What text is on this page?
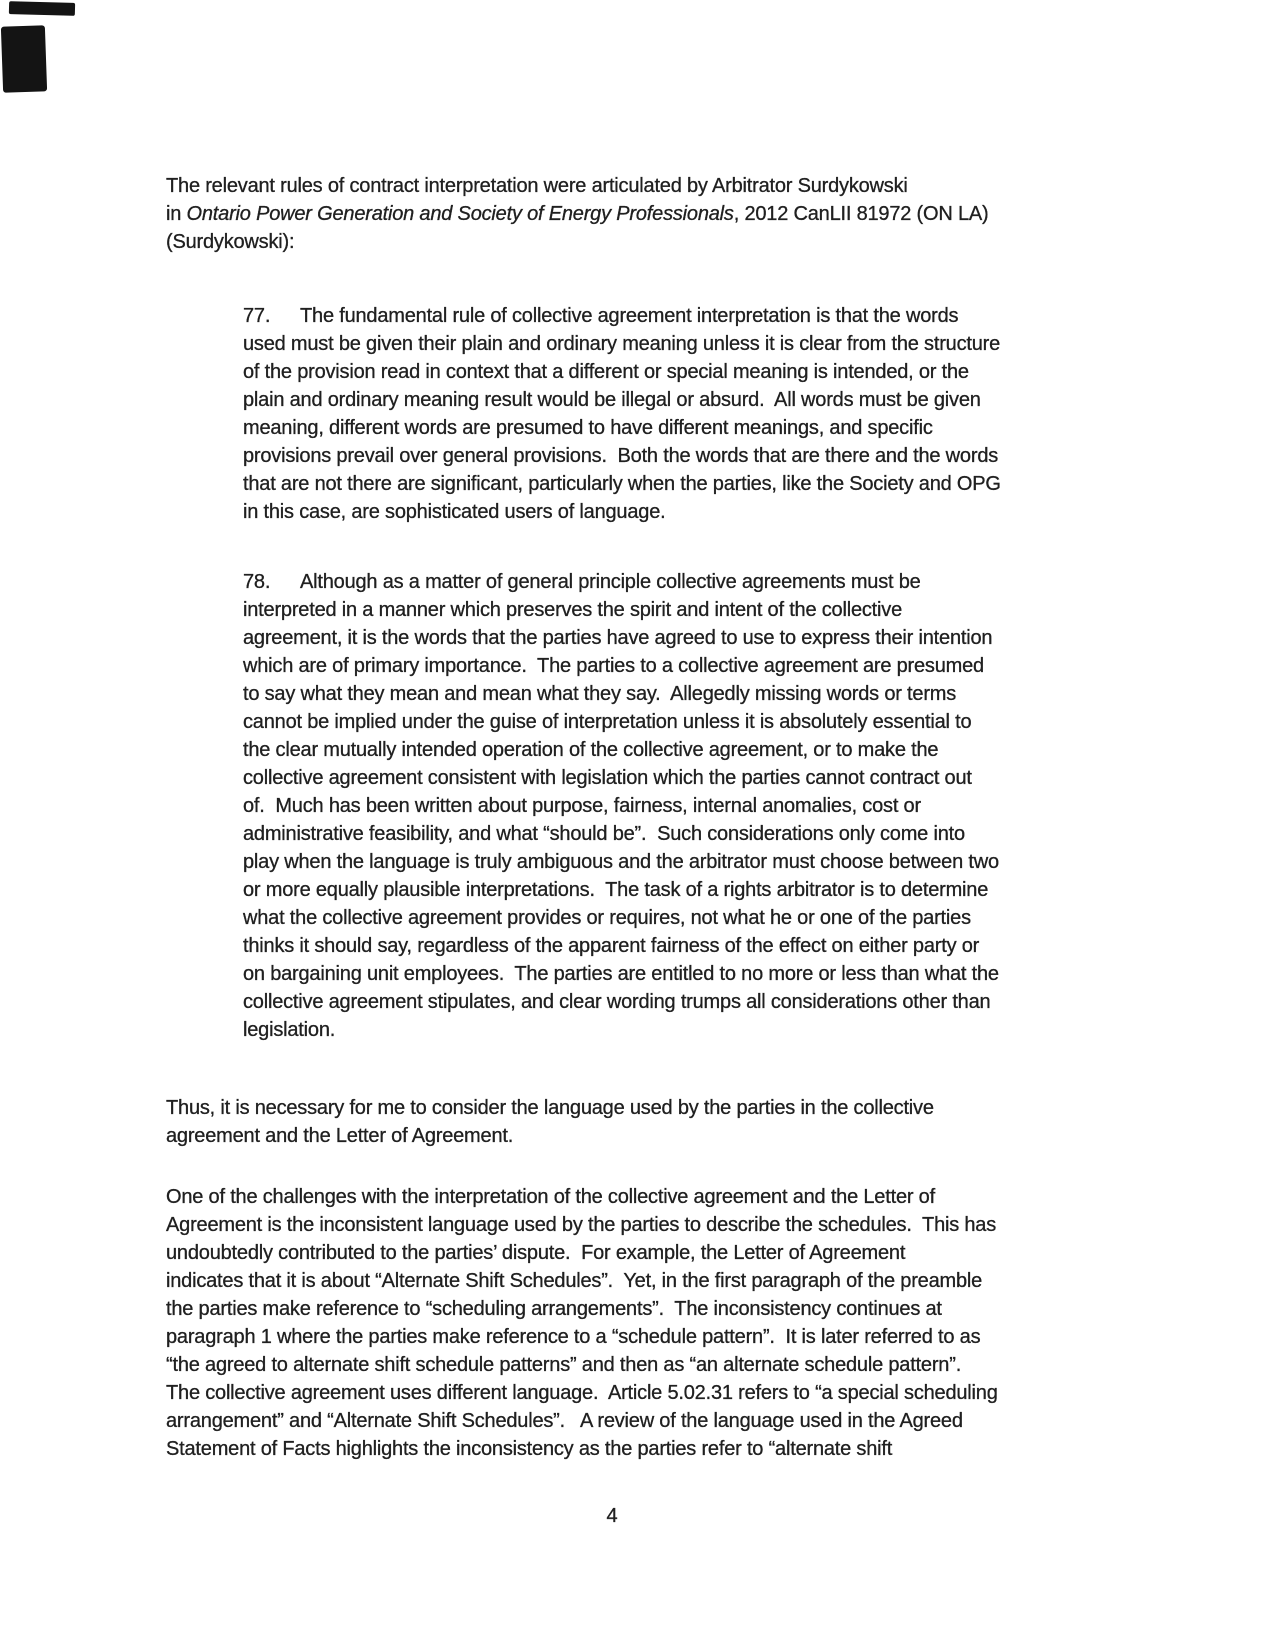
The relevant rules of contract interpretation were articulated by Arbitrator Surdykowski
in Ontario Power Generation and Society of Energy Professionals, 2012 CanLII 81972 (ON LA)
(Surdykowski):
77. The fundamental rule of collective agreement interpretation is that the words
used must be given their plain and ordinary meaning unless it is clear from the structure
of the provision read in context that a different or special meaning is intended, or the
plain and ordinary meaning result would be illegal or absurd.  All words must be given
meaning, different words are presumed to have different meanings, and specific
provisions prevail over general provisions.  Both the words that are there and the words
that are not there are significant, particularly when the parties, like the Society and OPG
in this case, are sophisticated users of language.
78. Although as a matter of general principle collective agreements must be
interpreted in a manner which preserves the spirit and intent of the collective
agreement, it is the words that the parties have agreed to use to express their intention
which are of primary importance.  The parties to a collective agreement are presumed
to say what they mean and mean what they say.  Allegedly missing words or terms
cannot be implied under the guise of interpretation unless it is absolutely essential to
the clear mutually intended operation of the collective agreement, or to make the
collective agreement consistent with legislation which the parties cannot contract out
of.  Much has been written about purpose, fairness, internal anomalies, cost or
administrative feasibility, and what “should be”.  Such considerations only come into
play when the language is truly ambiguous and the arbitrator must choose between two
or more equally plausible interpretations.  The task of a rights arbitrator is to determine
what the collective agreement provides or requires, not what he or one of the parties
thinks it should say, regardless of the apparent fairness of the effect on either party or
on bargaining unit employees.  The parties are entitled to no more or less than what the
collective agreement stipulates, and clear wording trumps all considerations other than
legislation.
Thus, it is necessary for me to consider the language used by the parties in the collective
agreement and the Letter of Agreement.
One of the challenges with the interpretation of the collective agreement and the Letter of
Agreement is the inconsistent language used by the parties to describe the schedules.  This has
undoubtedly contributed to the parties’ dispute.  For example, the Letter of Agreement
indicates that it is about “Alternate Shift Schedules”.  Yet, in the first paragraph of the preamble
the parties make reference to “scheduling arrangements”.  The inconsistency continues at
paragraph 1 where the parties make reference to a “schedule pattern”.  It is later referred to as
“the agreed to alternate shift schedule patterns” and then as “an alternate schedule pattern”.
The collective agreement uses different language.  Article 5.02.31 refers to “a special scheduling
arrangement” and “Alternate Shift Schedules”.   A review of the language used in the Agreed
Statement of Facts highlights the inconsistency as the parties refer to “alternate shift
4
